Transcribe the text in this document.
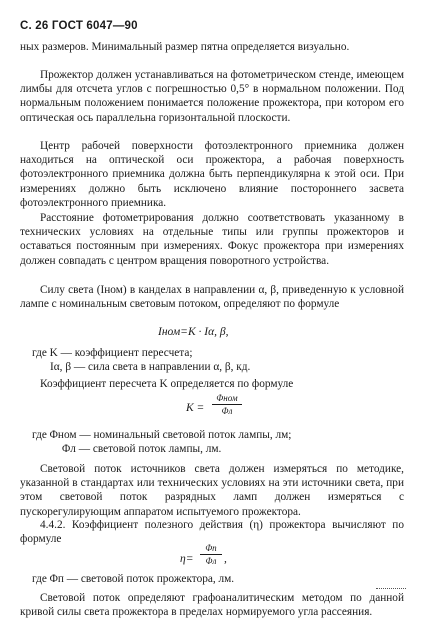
С. 26 ГОСТ 6047—90

ных размеров. Минимальный размер пятна определяется визуально.

Прожектор должен устанавливаться на фотометрическом стенде, имеющем лимбы для отсчета углов с погрешностью 0,5° в нормальном положении. Под нормальным положением понимается положение прожектора, при котором его оптическая ось параллельна горизонтальной плоскости.

Центр рабочей поверхности фотоэлектронного приемника должен находиться на оптической оси прожектора, а рабочая поверхность фотоэлектронного приемника должна быть перпендикулярна к этой оси. При измерениях должно быть исключено влияние постороннего засвета фотоэлектронного приемника.

Расстояние фотометрирования должно соответствовать указанному в технических условиях на отдельные типы или группы прожекторов и оставаться постоянным при измерениях. Фокус прожектора при измерениях должен совпадать с центром вращения поворотного устройства.

Силу света (Iном) в канделах в направлении α, β, приведенную к условной лампе с номинальным световым потоком, определяют по формуле

Iном=K · Iα, β,
где K — коэффициент пересчета;
Iα, β — сила света в направлении α, β, кд.

Коэффициент пересчета K определяется по формуле

K =
Φном
Φл
где Φном — номинальный световой поток лампы, лм;
Φл — световой поток лампы, лм.

Световой поток источников света должен измеряться по методике, указанной в стандартах или технических условиях на эти источники света, при этом световой поток разрядных ламп должен измеряться с пускорегулирующим аппаратом испытуемого прожектора.

4.4.2. Коэффициент полезного действия (η) прожектора вычисляют по формуле

η=
Φп
Φл ,
где Φп — световой поток прожектора, лм.

Световой поток определяют графоаналитическим методом по данной кривой силы света прожектора в пределах нормируемого угла рассеяния.
